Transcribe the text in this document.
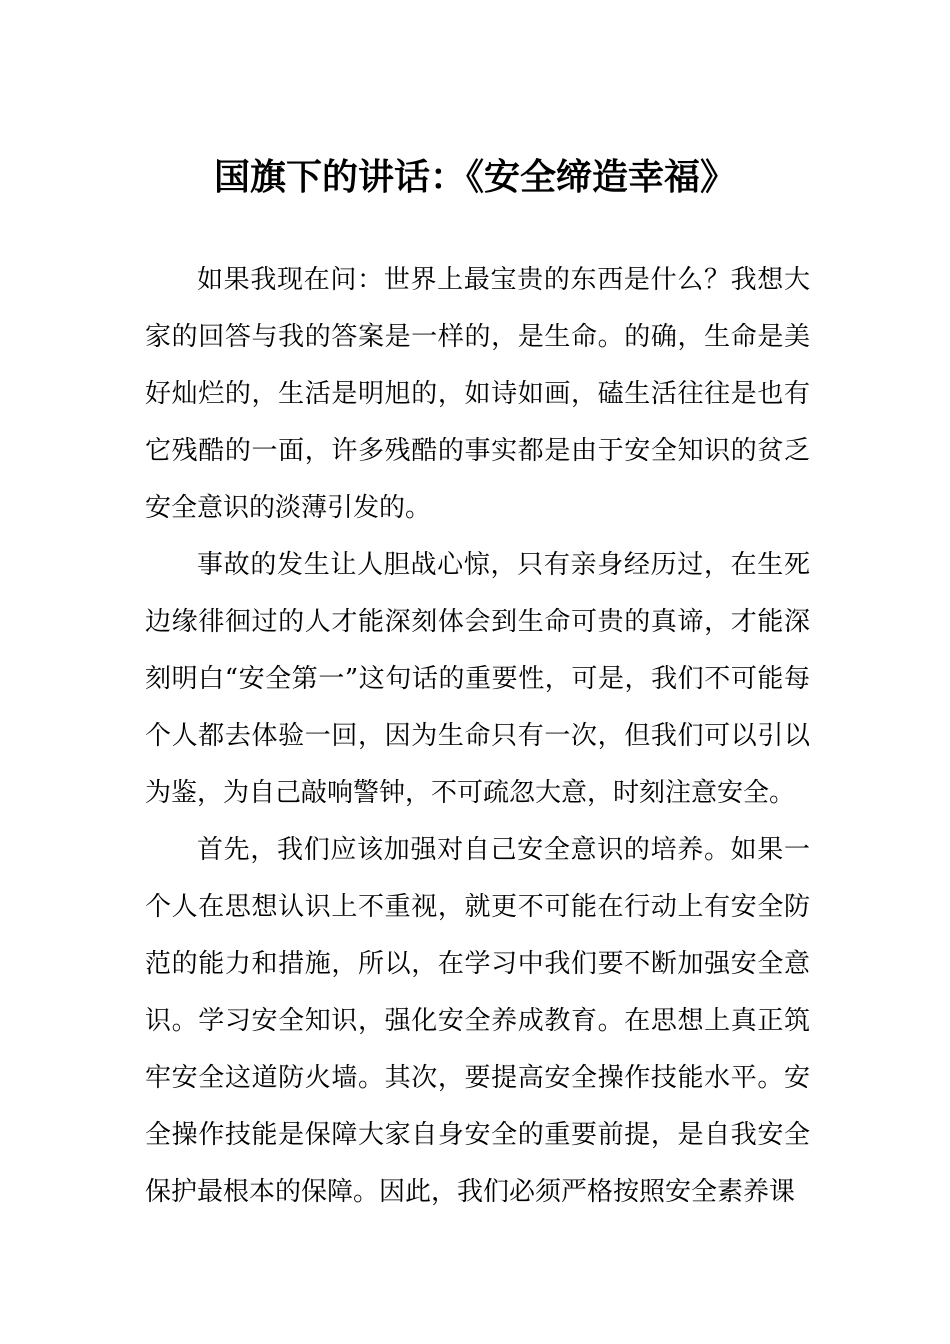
国旗下的讲话：《安全缔造幸福》

如果我现在问：世界上最宝贵的东西是什么？我想大家的回答与我的答案是一样的，是生命。的确，生命是美好灿烂的，生活是明旭的，如诗如画，磕生活往往是也有它残酷的一面，许多残酷的事实都是由于安全知识的贫乏安全意识的淡薄引发的。

事故的发生让人胆战心惊，只有亲身经历过，在生死边缘徘徊过的人才能深刻体会到生命可贵的真谛，才能深刻明白“安全第一”这句话的重要性，可是，我们不可能每个人都去体验一回，因为生命只有一次，但我们可以引以为鉴，为自己敲响警钟，不可疏忽大意，时刻注意安全。

首先，我们应该加强对自己安全意识的培养。如果一个人在思想认识上不重视，就更不可能在行动上有安全防范的能力和措施，所以，在学习中我们要不断加强安全意识。学习安全知识，强化安全养成教育。在思想上真正筑牢安全这道防火墙。其次，要提高安全操作技能水平。安全操作技能是保障大家自身安全的重要前提，是自我安全保护最根本的保障。因此，我们必须严格按照安全素养课
